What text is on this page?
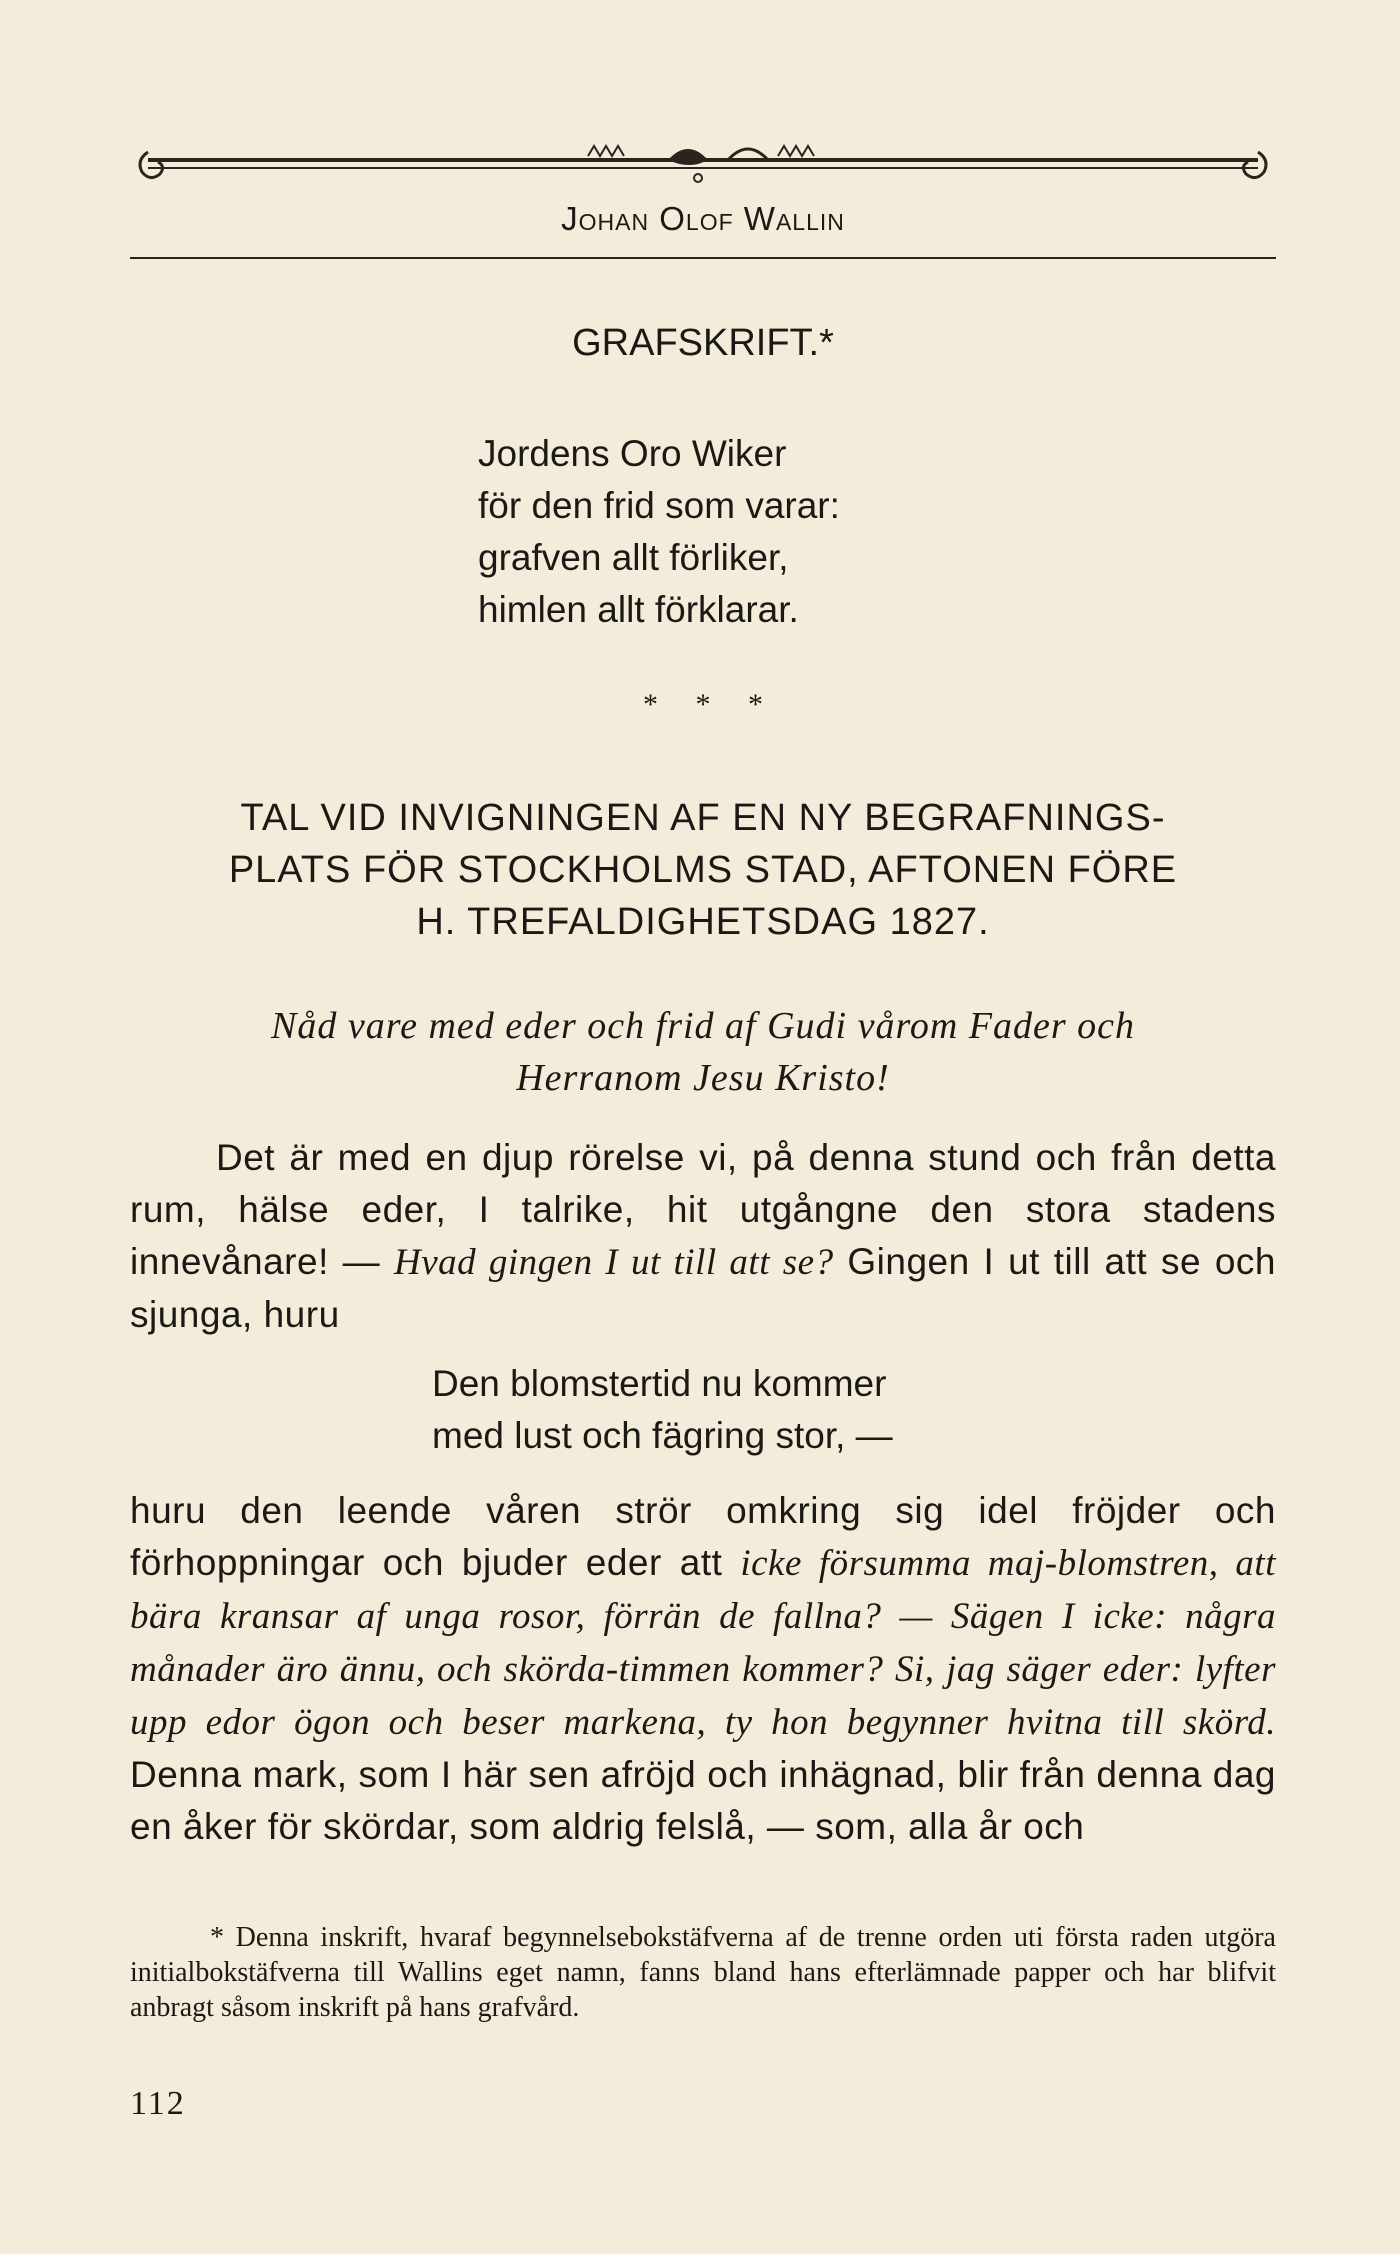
Johan Olof Wallin
GRAFSKRIFT.*
Jordens Oro Wiker
för den frid som varar:
grafven allt förliker,
himlen allt förklarar.
* * *
TAL VID INVIGNINGEN AF EN NY BEGRAFNINGS-
PLATS FÖR STOCKHOLMS STAD, AFTONEN FÖRE
H. TREFALDIGHETSDAG 1827.
Nåd vare med eder och frid af Gudi vårom Fader och
Herranom Jesu Kristo!
Det är med en djup rörelse vi, på denna stund och från detta rum, hälse eder, I talrike, hit utgångne den stora stadens innevånare! — Hvad gingen I ut till att se? Gingen I ut till att se och sjunga, huru
Den blomstertid nu kommer
med lust och fägring stor, —
huru den leende våren strör omkring sig idel fröjder och förhoppningar och bjuder eder att icke försumma maj-blomstren, att bära kransar af unga rosor, förrän de fallna? — Sägen I icke: några månader äro ännu, och skörda-timmen kommer? Si, jag säger eder: lyfter upp edor ögon och beser markena, ty hon begynner hvitna till skörd. Denna mark, som I här sen afröjd och inhägnad, blir från denna dag en åker för skördar, som aldrig felslå, — som, alla år och
* Denna inskrift, hvaraf begynnelsebokstäfverna af de trenne orden uti första raden utgöra initialbokstäfverna till Wallins eget namn, fanns bland hans efterlämnade papper och har blifvit anbragt såsom inskrift på hans grafvård.
112
